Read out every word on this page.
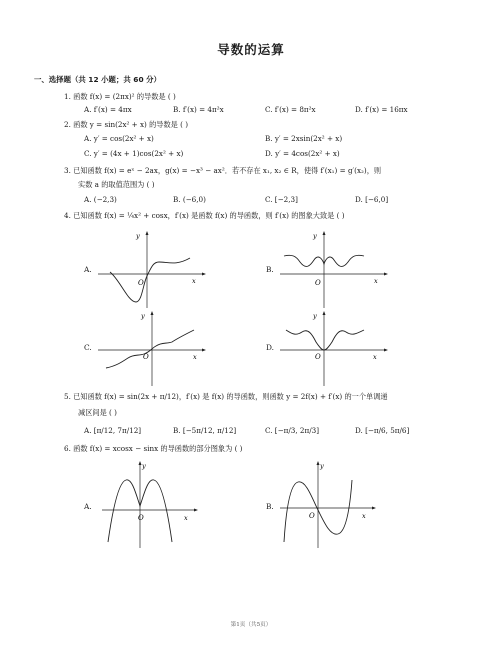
导数的运算
一、选择题（共 12 小题；共 60 分）
1. 函数 f(x) = (2πx)² 的导数是 ( )
A. f′(x) = 4πx	B. f′(x) = 4π²x	C. f′(x) = 8π²x	D. f′(x) = 16πx
2. 函数 y = sin(2x² + x) 的导数是 ( )
A. y′ = cos(2x² + x)	B. y′ = 2xsin(2x² + x)
C. y′ = (4x + 1)cos(2x² + x)	D. y′ = 4cos(2x² + x)
3. 已知函数 f(x) = eˣ − 2ax，g(x) = −x³ − ax²．若不存在 x₁, x₂ ∈ R，使得 f′(x₁) = g′(x₂)，则
实数 a 的取值范围为 ( )
A. (−2,3)	B. (−6,0)	C. [−2,3]	D. [−6,0]
4. 已知函数 f(x) = ¼x² + cosx，f′(x) 是函数 f(x) 的导函数，则 f′(x) 的图象大致是 ( )
A.
O	x
y
B.
O	x
y
C.
O	x
y
D.
O	x
y
5. 已知函数 f(x) = sin(2x + π/12)，f′(x) 是 f(x) 的导函数，则函数 y = 2f(x) + f′(x) 的一个单调递
减区间是 ( )
A. [π/12, 7π/12]	B. [−5π/12, π/12]	C. [−π/3, 2π/3]	D. [−π/6, 5π/6]
6. 函数 f(x) = xcosx − sinx 的导函数的部分图象为 ( )
A.
O	x
y
B.
O	x
y
第1页（共5页）
